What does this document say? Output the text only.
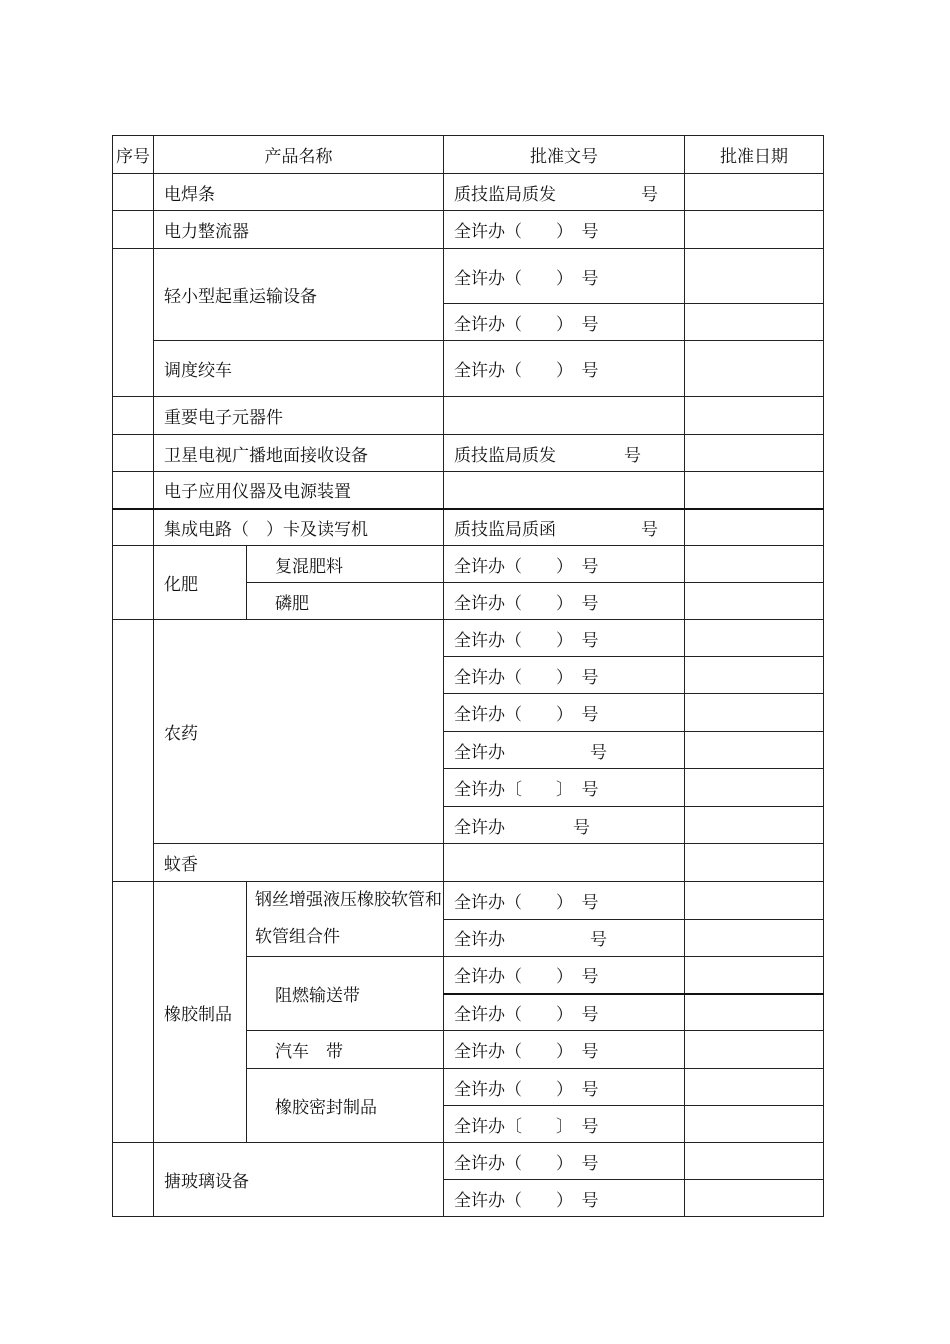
序号	产品名称		批准文号	批准日期
	电焊条		质技监局质发　　　　　号	
	电力整流器		全许办（　　）　号	
	轻小型起重运输设备		全许办（　　）　号	
			全许办（　　）　号	
	调度绞车		全许办（　　）　号	
	重要电子元器件			
	卫星电视广播地面接收设备		质技监局质发　　　　号	
	电子应用仪器及电源装置			
	集成电路（　）卡及读写机		质技监局质函　　　　　号	
	化肥	复混肥料	全许办（　　）　号	
		磷肥	全许办（　　）　号	
	农药		全许办（　　）　号	
			全许办（　　）　号	
			全许办（　　）　号	
			全许办　　　　　号	
			全许办〔　　〕　号	
			全许办　　　　号	
	蚊香			
	橡胶制品	钢丝增强液压橡胶软管和软管组合件	全许办（　　）　号	
			全许办　　　　　号	
		阻燃输送带	全许办（　　）　号	
			全许办（　　）　号	
		汽车　带	全许办（　　）　号	
		橡胶密封制品	全许办（　　）　号	
			全许办〔　　〕　号	
	搪玻璃设备		全许办（　　）　号	
			全许办（　　）　号	
